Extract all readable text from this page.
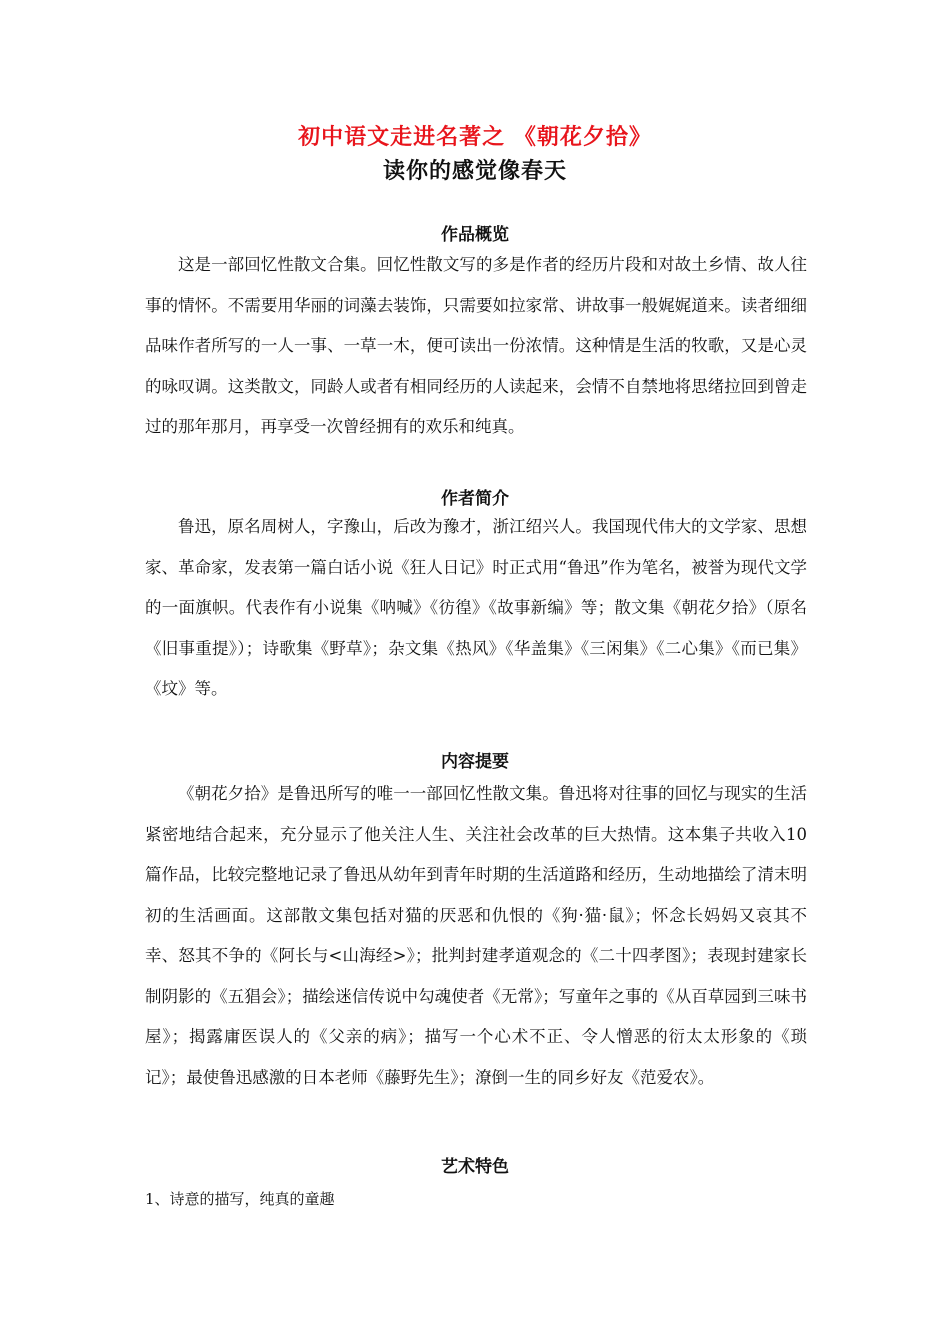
初中语文走进名著之 《朝花夕拾》
读你的感觉像春天
作品概览

这是一部回忆性散文合集。回忆性散文写的多是作者的经历片段和对故土乡情、故人往事的情怀。不需要用华丽的词藻去装饰，只需要如拉家常、讲故事一般娓娓道来。读者细细品味作者所写的一人一事、一草一木，便可读出一份浓情。这种情是生活的牧歌，又是心灵的咏叹调。这类散文，同龄人或者有相同经历的人读起来，会情不自禁地将思绪拉回到曾走过的那年那月，再享受一次曾经拥有的欢乐和纯真。

作者简介

鲁迅，原名周树人，字豫山，后改为豫才，浙江绍兴人。我国现代伟大的文学家、思想家、革命家，发表第一篇白话小说《狂人日记》时正式用“鲁迅”作为笔名，被誉为现代文学的一面旗帜。代表作有小说集《呐喊》《彷徨》《故事新编》等；散文集《朝花夕拾》（原名《旧事重提》）；诗歌集《野草》；杂文集《热风》《华盖集》《三闲集》《二心集》《而已集》《坟》等。

内容提要

《朝花夕拾》是鲁迅所写的唯一一部回忆性散文集。鲁迅将对往事的回忆与现实的生活紧密地结合起来，充分显示了他关注人生、关注社会改革的巨大热情。这本集子共收入10篇作品，比较完整地记录了鲁迅从幼年到青年时期的生活道路和经历，生动地描绘了清末明初的生活画面。这部散文集包括对猫的厌恶和仇恨的《狗·猫·鼠》；怀念长妈妈又哀其不幸、怒其不争的《阿长与<山海经>》；批判封建孝道观念的《二十四孝图》；表现封建家长制阴影的《五猖会》；描绘迷信传说中勾魂使者《无常》；写童年之事的《从百草园到三味书屋》；揭露庸医误人的《父亲的病》；描写一个心术不正、令人憎恶的衍太太形象的《琐记》；最使鲁迅感激的日本老师《藤野先生》；潦倒一生的同乡好友《范爱农》。

艺术特色

1、诗意的描写，纯真的童趣
